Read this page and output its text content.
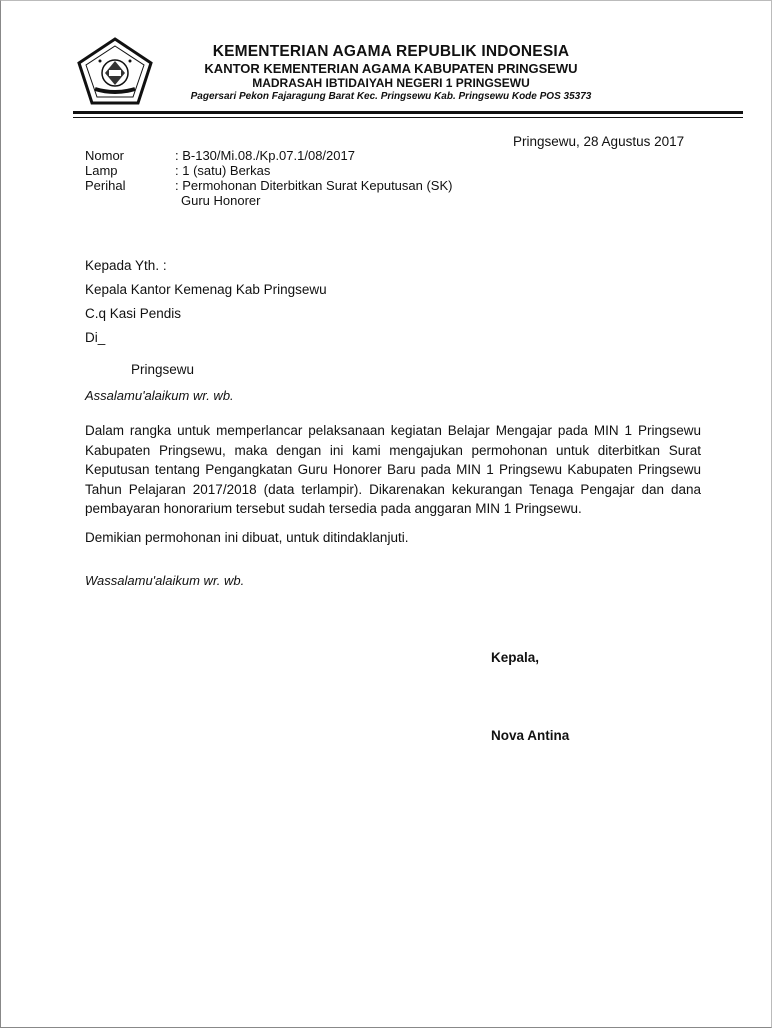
KEMENTERIAN AGAMA REPUBLIK INDONESIA
KANTOR KEMENTERIAN AGAMA KABUPATEN PRINGSEWU
MADRASAH IBTIDAIYAH NEGERI 1 PRINGSEWU
Pagersari Pekon Fajaragung Barat Kec. Pringsewu Kab. Pringsewu Kode POS 35373
Pringsewu, 28 Agustus 2017
Nomor	: B-130/Mi.08./Kp.07.1/08/2017
Lamp	: 1 (satu) Berkas
Perihal	: Permohonan Diterbitkan Surat Keputusan (SK)
Guru Honorer
Kepada Yth. :
Kepala Kantor Kemenag Kab Pringsewu
C.q Kasi Pendis
Di_
Pringsewu
Assalamu'alaikum wr. wb.
Dalam rangka untuk memperlancar pelaksanaan kegiatan Belajar Mengajar pada MIN 1 Pringsewu Kabupaten Pringsewu, maka dengan ini kami mengajukan permohonan untuk diterbitkan Surat Keputusan tentang Pengangkatan Guru Honorer Baru pada MIN 1 Pringsewu Kabupaten Pringsewu Tahun Pelajaran 2017/2018 (data terlampir). Dikarenakan kekurangan Tenaga Pengajar dan dana pembayaran honorarium tersebut sudah tersedia pada anggaran MIN 1 Pringsewu.
Demikian permohonan ini dibuat, untuk ditindaklanjuti.
Wassalamu'alaikum wr. wb.
Kepala,
Nova Antina
